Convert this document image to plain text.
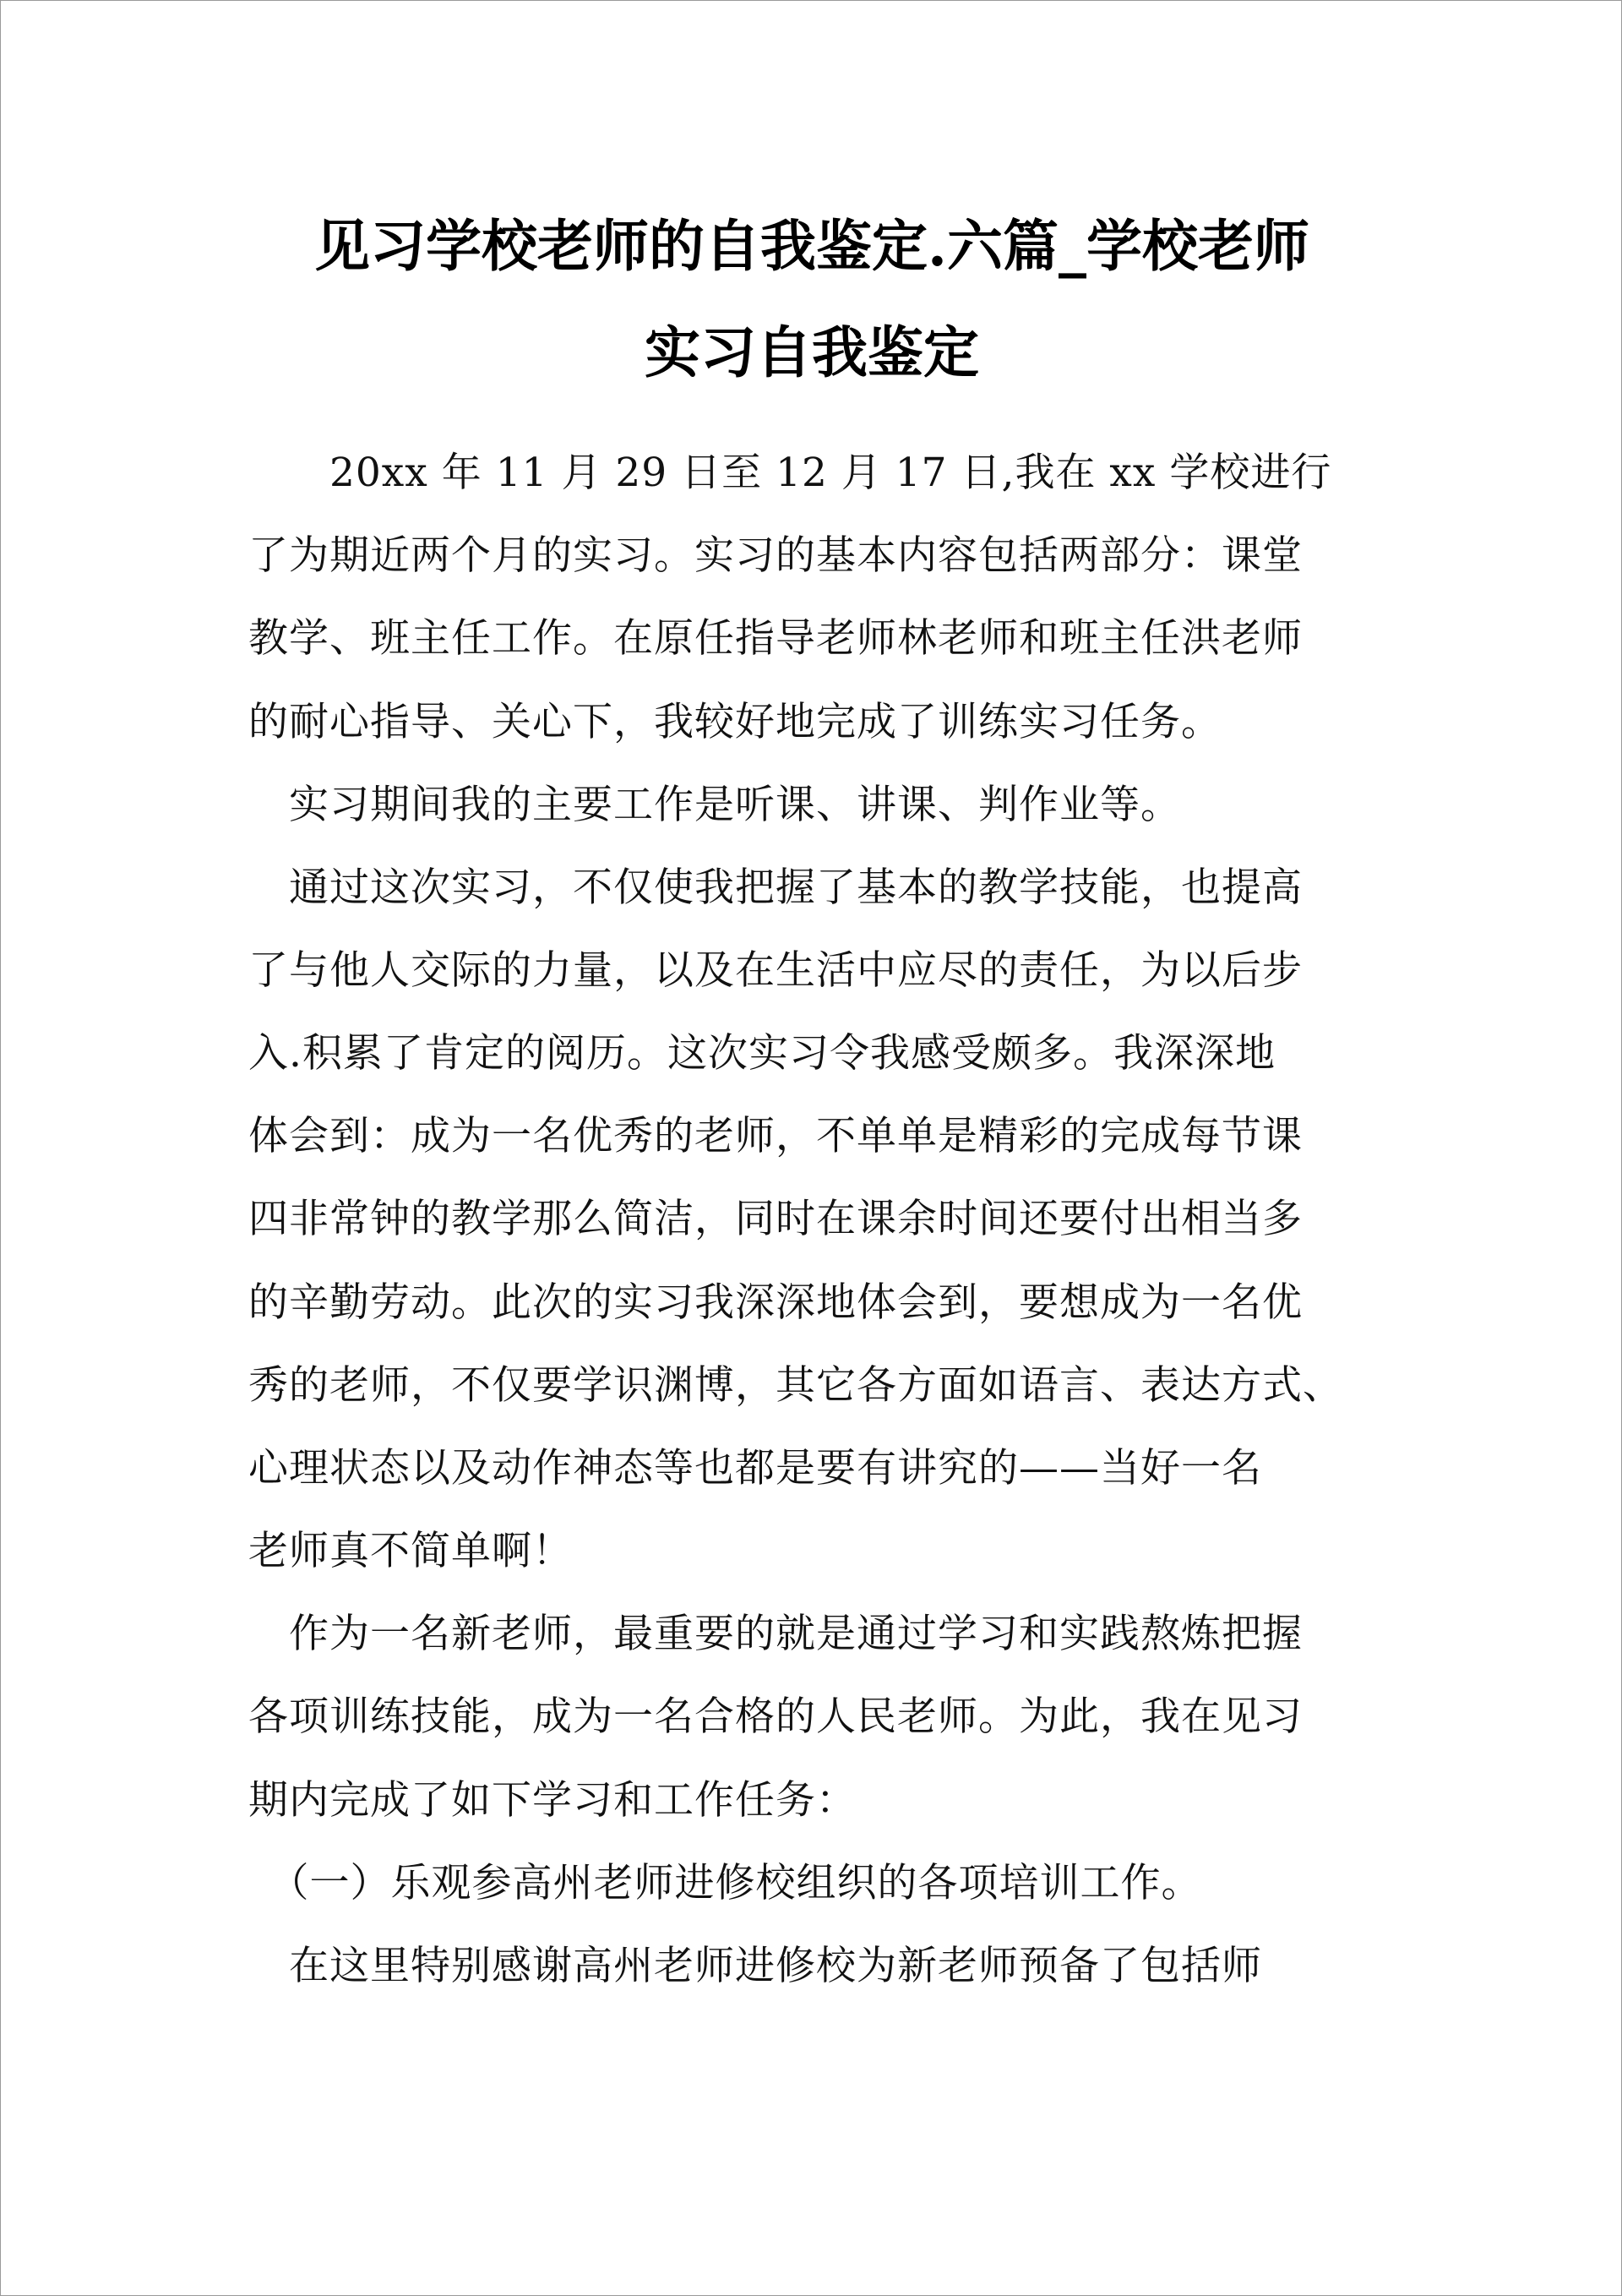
见习学校老师的自我鉴定.六篇_学校老师
实习自我鉴定
　　20xx 年 11 月 29 日至 12 月 17 日,我在 xx 学校进行
了为期近两个月的实习。实习的基本内容包括两部分：课堂
教学、班主任工作。在原任指导老师林老师和班主任洪老师
的耐心指导、关心下，我较好地完成了训练实习任务。
　实习期间我的主要工作是听课、讲课、判作业等。
　通过这次实习，不仅使我把握了基本的教学技能，也提高
了与他人交际的力量，以及在生活中应尽的责任，为以后步
入.积累了肯定的阅历。这次实习令我感受颇多。我深深地
体会到：成为一名优秀的老师，不单单是精彩的完成每节课
四非常钟的教学那么简洁，同时在课余时间还要付出相当多
的辛勤劳动。此次的实习我深深地体会到，要想成为一名优
秀的老师，不仅要学识渊博，其它各方面如语言、表达方式、
心理状态以及动作神态等也都是要有讲究的——当好一名
老师真不简单啊！
　作为一名新老师，最重要的就是通过学习和实践熬炼把握
各项训练技能，成为一名合格的人民老师。为此，我在见习
期内完成了如下学习和工作任务：
　（一）乐观参高州老师进修校组织的各项培训工作。
　在这里特别感谢高州老师进修校为新老师预备了包括师
